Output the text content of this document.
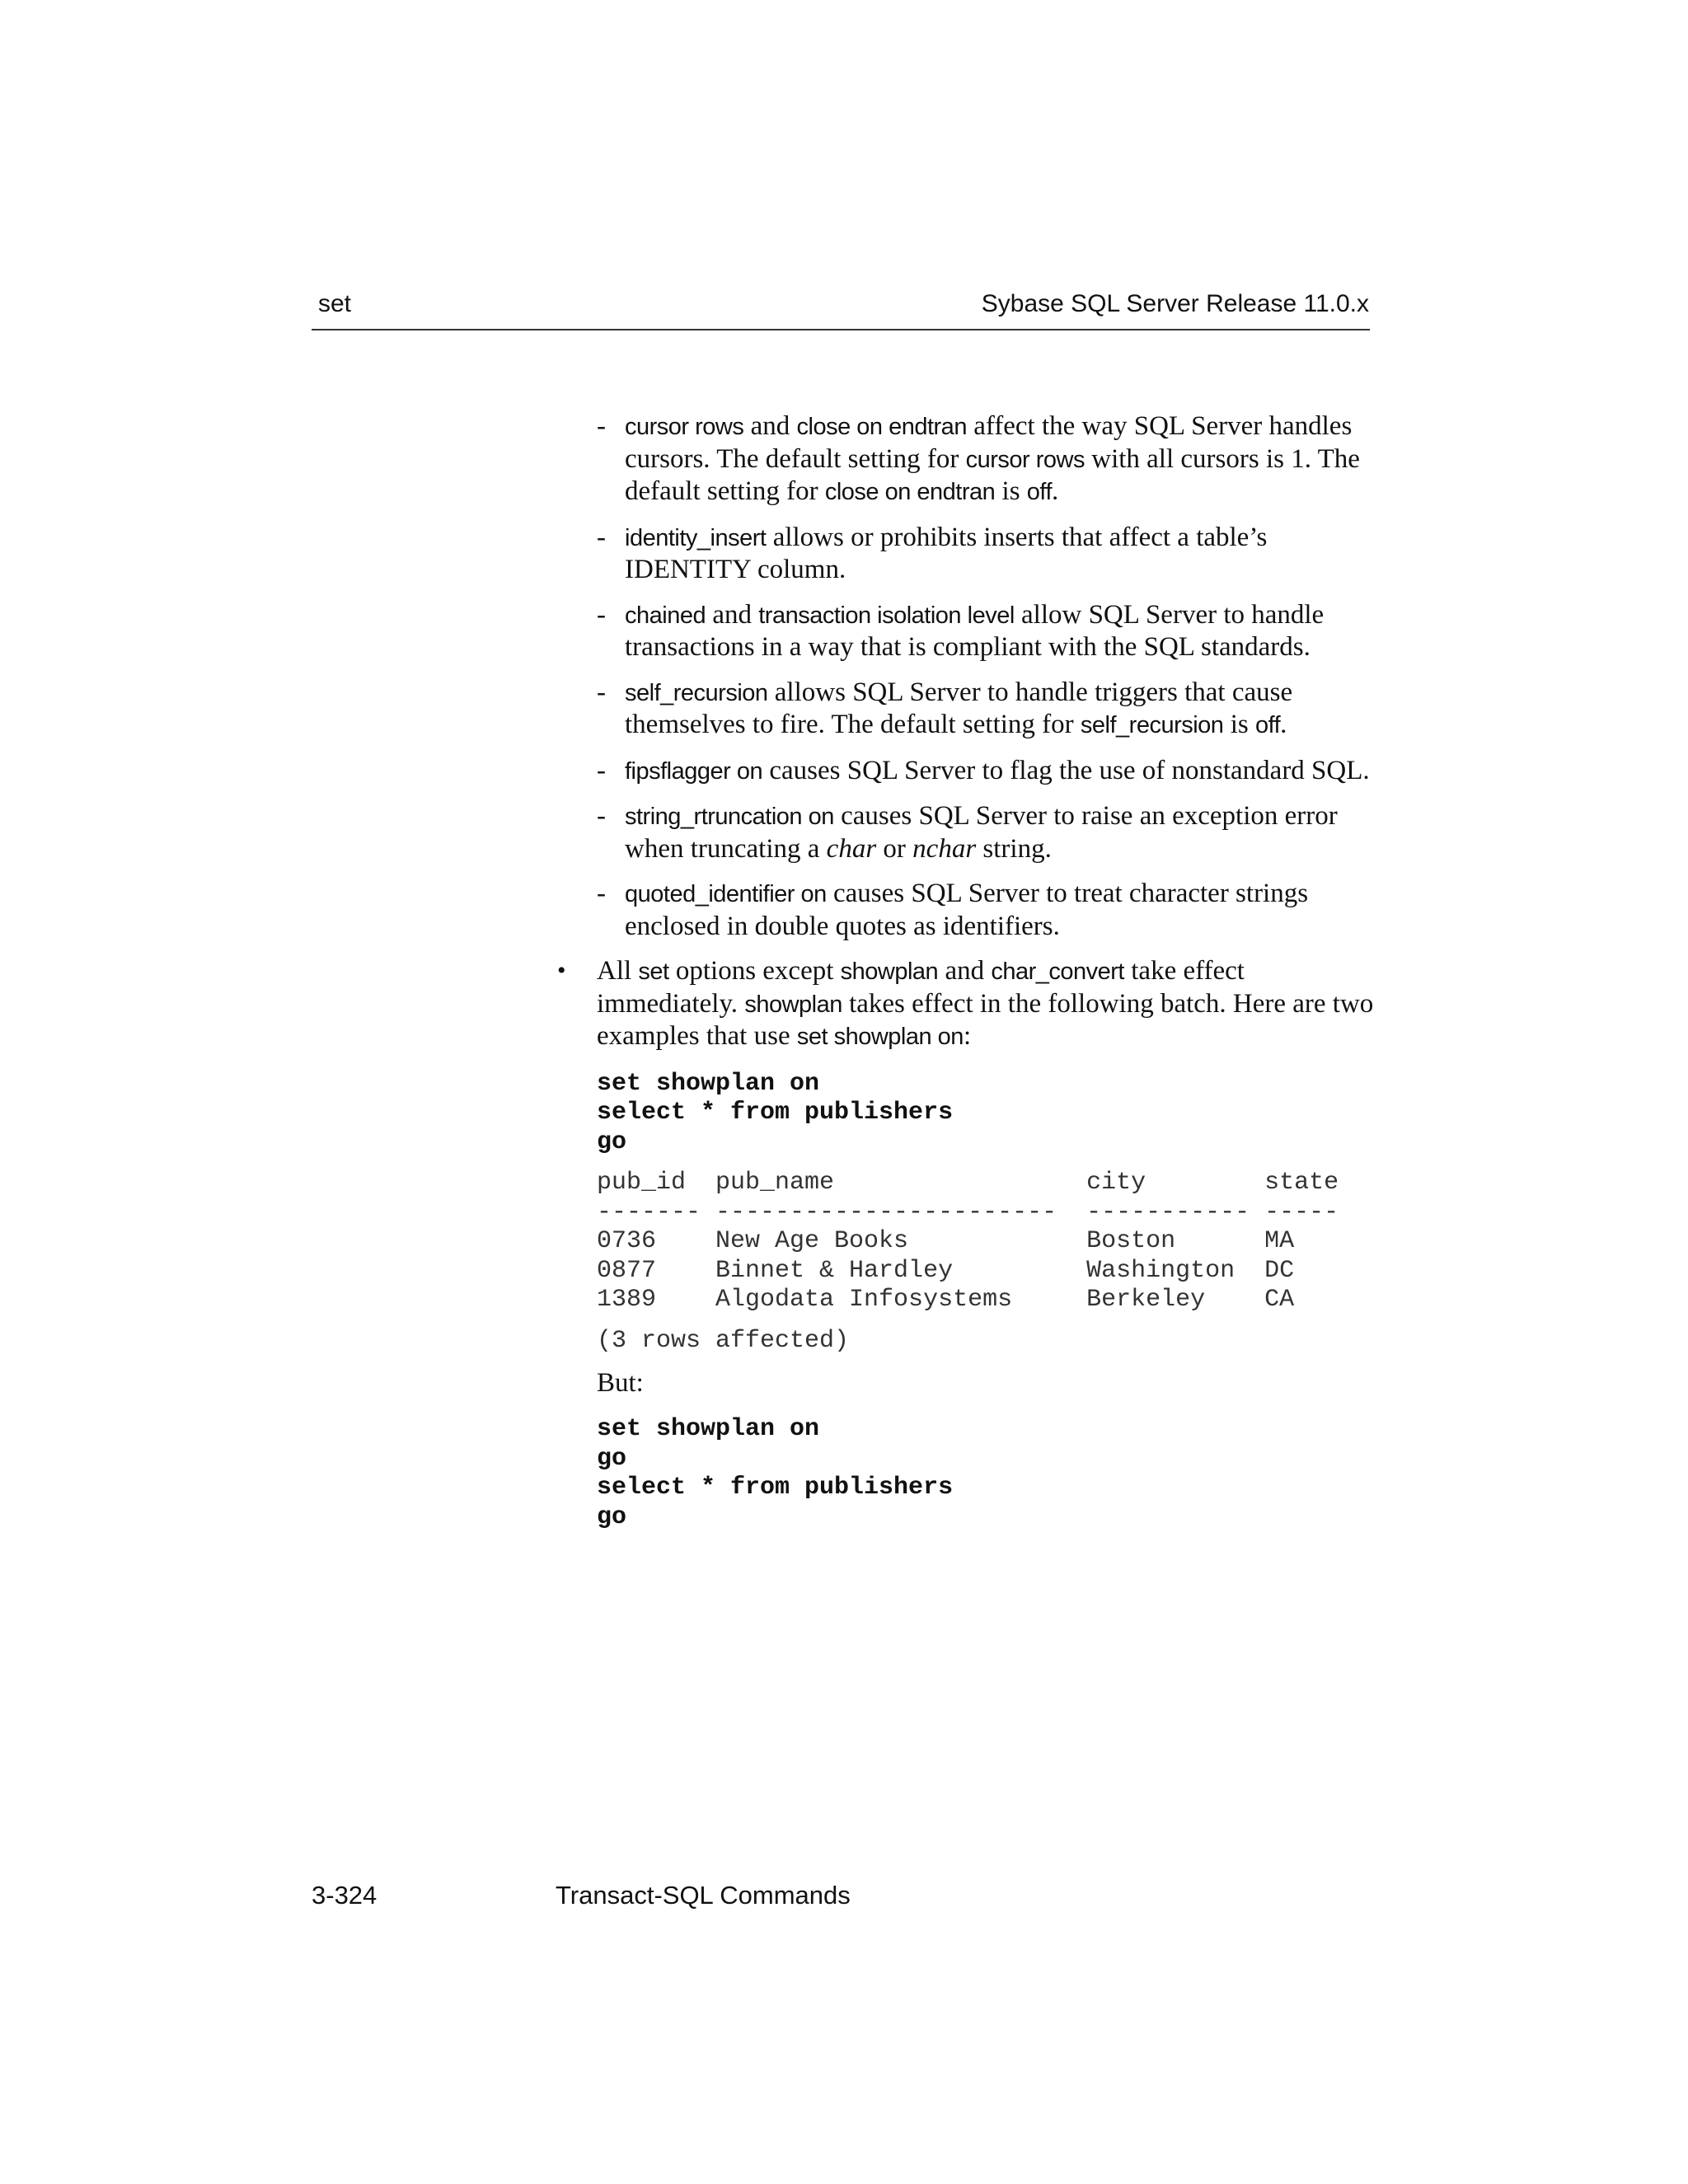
set	Sybase SQL Server Release 11.0.x
- cursor rows and close on endtran affect the way SQL Server handles cursors. The default setting for cursor rows with all cursors is 1. The default setting for close on endtran is off.
- identity_insert allows or prohibits inserts that affect a table’s IDENTITY column.
- chained and transaction isolation level allow SQL Server to handle transactions in a way that is compliant with the SQL standards.
- self_recursion allows SQL Server to handle triggers that cause themselves to fire. The default setting for self_recursion is off.
- fipsflagger on causes SQL Server to flag the use of nonstandard SQL.
- string_rtruncation on causes SQL Server to raise an exception error when truncating a char or nchar string.
- quoted_identifier on causes SQL Server to treat character strings enclosed in double quotes as identifiers.
• All set options except showplan and char_convert take effect immediately. showplan takes effect in the following batch. Here are two examples that use set showplan on:
set showplan on
select * from publishers
go
pub_id  pub_name                 city        state
------- -----------------------  ----------- -----
0736    New Age Books            Boston      MA
0877    Binnet & Hardley         Washington  DC
1389    Algodata Infosystems     Berkeley    CA
(3 rows affected)
But:
set showplan on
go
select * from publishers
go
3-324	Transact-SQL Commands
